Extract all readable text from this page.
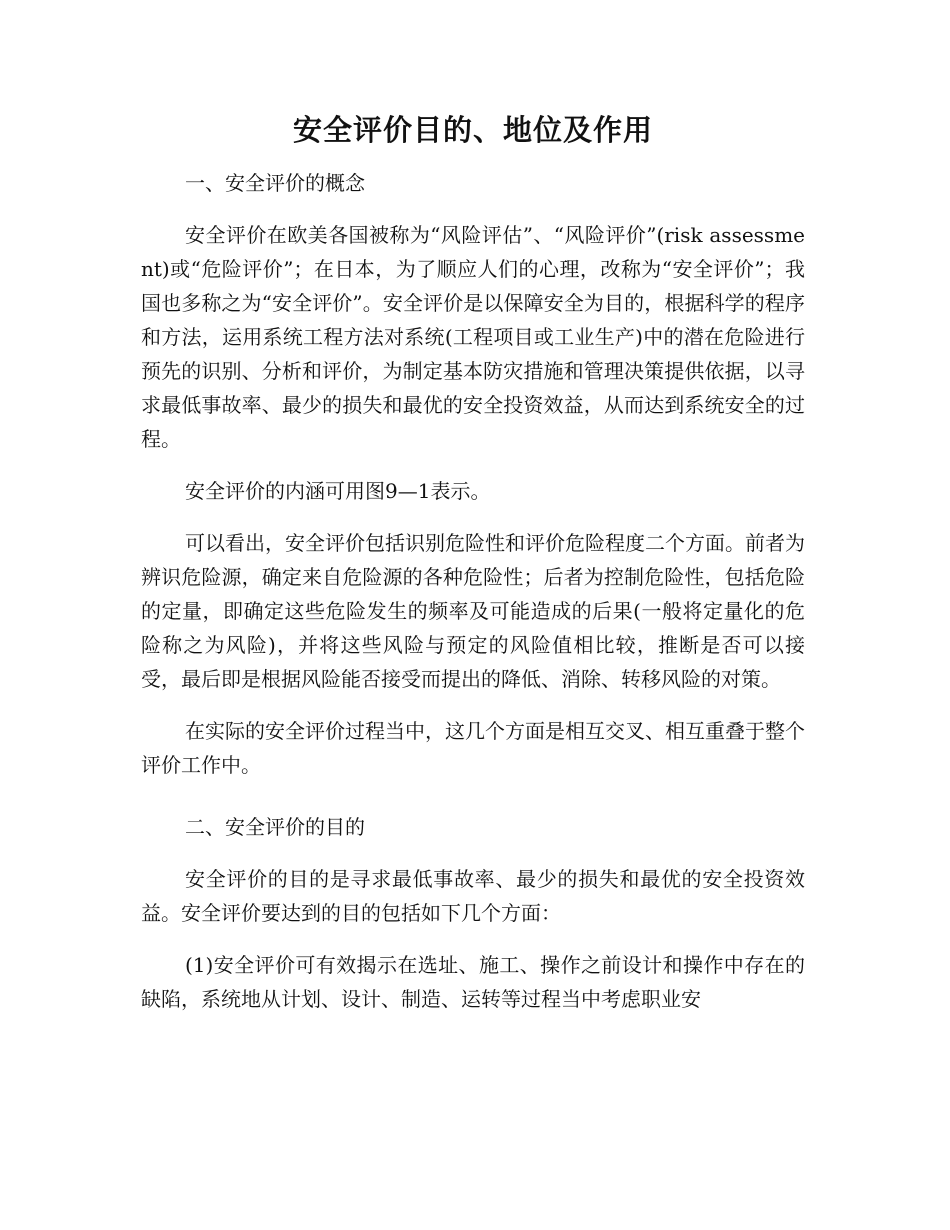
安全评价目的、地位及作用

一、安全评价的概念

安全评价在欧美各国被称为“风险评估”、“风险评价”(risk assessment)或“危险评价”；在日本，为了顺应人们的心理，改称为“安全评价”；我国也多称之为“安全评价”。安全评价是以保障安全为目的，根据科学的程序和方法，运用系统工程方法对系统(工程项目或工业生产)中的潜在危险进行预先的识别、分析和评价，为制定基本防灾措施和管理决策提供依据，以寻求最低事故率、最少的损失和最优的安全投资效益，从而达到系统安全的过程。

安全评价的内涵可用图9—1表示。

可以看出，安全评价包括识别危险性和评价危险程度二个方面。前者为辨识危险源，确定来自危险源的各种危险性；后者为控制危险性，包括危险的定量，即确定这些危险发生的频率及可能造成的后果(一般将定量化的危险称之为风险)，并将这些风险与预定的风险值相比较，推断是否可以接受，最后即是根据风险能否接受而提出的降低、消除、转移风险的对策。

在实际的安全评价过程当中，这几个方面是相互交叉、相互重叠于整个评价工作中。

二、安全评价的目的

安全评价的目的是寻求最低事故率、最少的损失和最优的安全投资效益。安全评价要达到的目的包括如下几个方面：

(1)安全评价可有效揭示在选址、施工、操作之前设计和操作中存在的缺陷，系统地从计划、设计、制造、运转等过程当中考虑职业安
